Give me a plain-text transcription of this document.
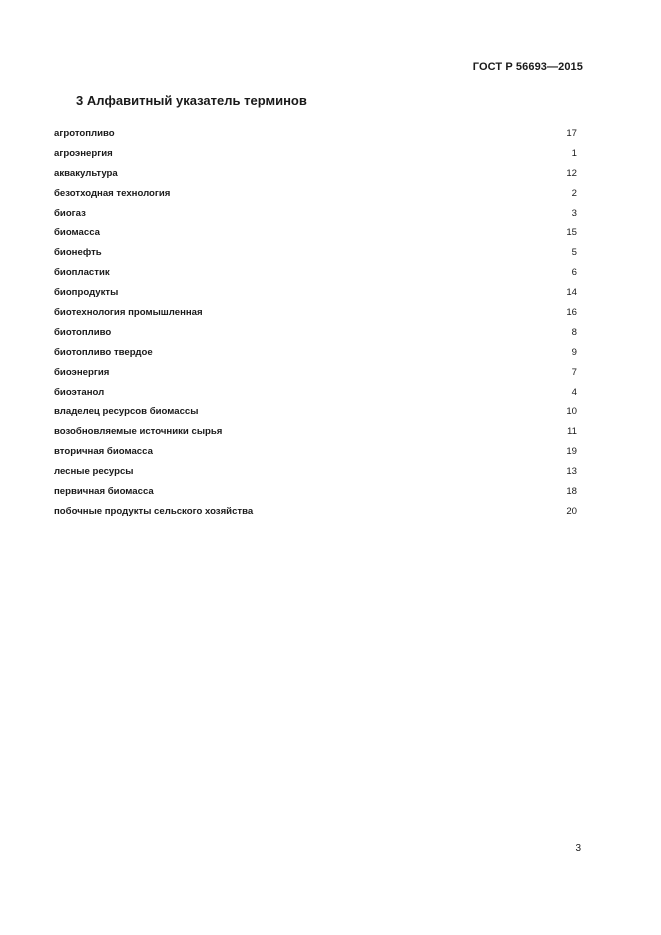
ГОСТ Р 56693—2015
3 Алфавитный указатель терминов
агротопливо	17
агроэнергия	1
аквакультура	12
безотходная технология	2
биогаз	3
биомасса	15
бионефть	5
биопластик	6
биопродукты	14
биотехнология промышленная	16
биотопливо	8
биотопливо твердое	9
биоэнергия	7
биоэтанол	4
владелец ресурсов биомассы	10
возобновляемые источники сырья	11
вторичная биомасса	19
лесные ресурсы	13
первичная биомасса	18
побочные продукты сельского хозяйства	20
3
